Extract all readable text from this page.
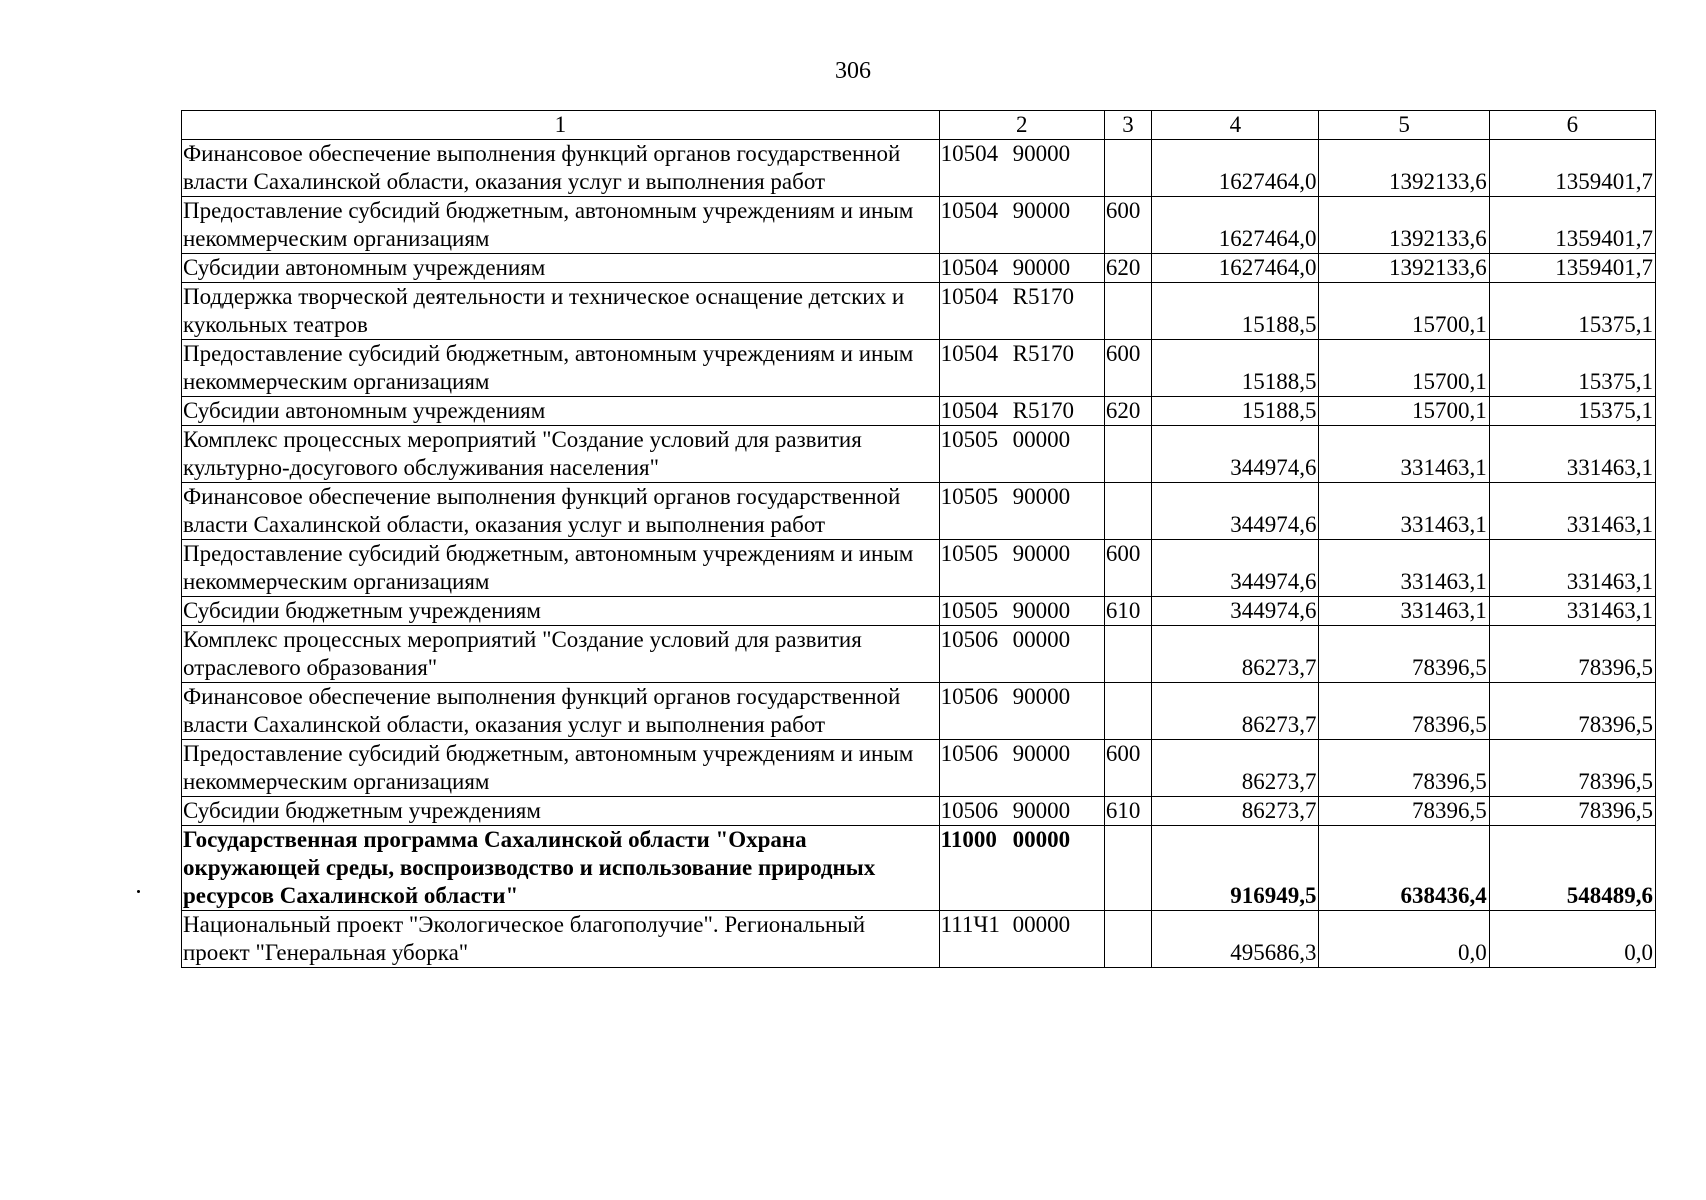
306
1	2	3	4	5	6
Финансовое обеспечение выполнения функций органов государственной власти Сахалинской области, оказания услуг и выполнения работ	10504 90000		1627464,0	1392133,6	1359401,7
Предоставление субсидий бюджетным, автономным учреждениям и иным некоммерческим организациям	10504 90000	600	1627464,0	1392133,6	1359401,7
Субсидии автономным учреждениям	10504 90000	620	1627464,0	1392133,6	1359401,7
Поддержка творческой деятельности и техническое оснащение детских и кукольных театров	10504 R5170		15188,5	15700,1	15375,1
Предоставление субсидий бюджетным, автономным учреждениям и иным некоммерческим организациям	10504 R5170	600	15188,5	15700,1	15375,1
Субсидии автономным учреждениям	10504 R5170	620	15188,5	15700,1	15375,1
Комплекс процессных мероприятий "Создание условий для развития культурно-досугового обслуживания населения"	10505 00000		344974,6	331463,1	331463,1
Финансовое обеспечение выполнения функций органов государственной власти Сахалинской области, оказания услуг и выполнения работ	10505 90000		344974,6	331463,1	331463,1
Предоставление субсидий бюджетным, автономным учреждениям и иным некоммерческим организациям	10505 90000	600	344974,6	331463,1	331463,1
Субсидии бюджетным учреждениям	10505 90000	610	344974,6	331463,1	331463,1
Комплекс процессных мероприятий "Создание условий для развития отраслевого образования"	10506 00000		86273,7	78396,5	78396,5
Финансовое обеспечение выполнения функций органов государственной власти Сахалинской области, оказания услуг и выполнения работ	10506 90000		86273,7	78396,5	78396,5
Предоставление субсидий бюджетным, автономным учреждениям и иным некоммерческим организациям	10506 90000	600	86273,7	78396,5	78396,5
Субсидии бюджетным учреждениям	10506 90000	610	86273,7	78396,5	78396,5
Государственная программа Сахалинской области "Охрана окружающей среды, воспроизводство и использование природных ресурсов Сахалинской области"	11000 00000		916949,5	638436,4	548489,6
Национальный проект "Экологическое благополучие". Региональный проект "Генеральная уборка"	111Ч1 00000		495686,3	0,0	0,0
